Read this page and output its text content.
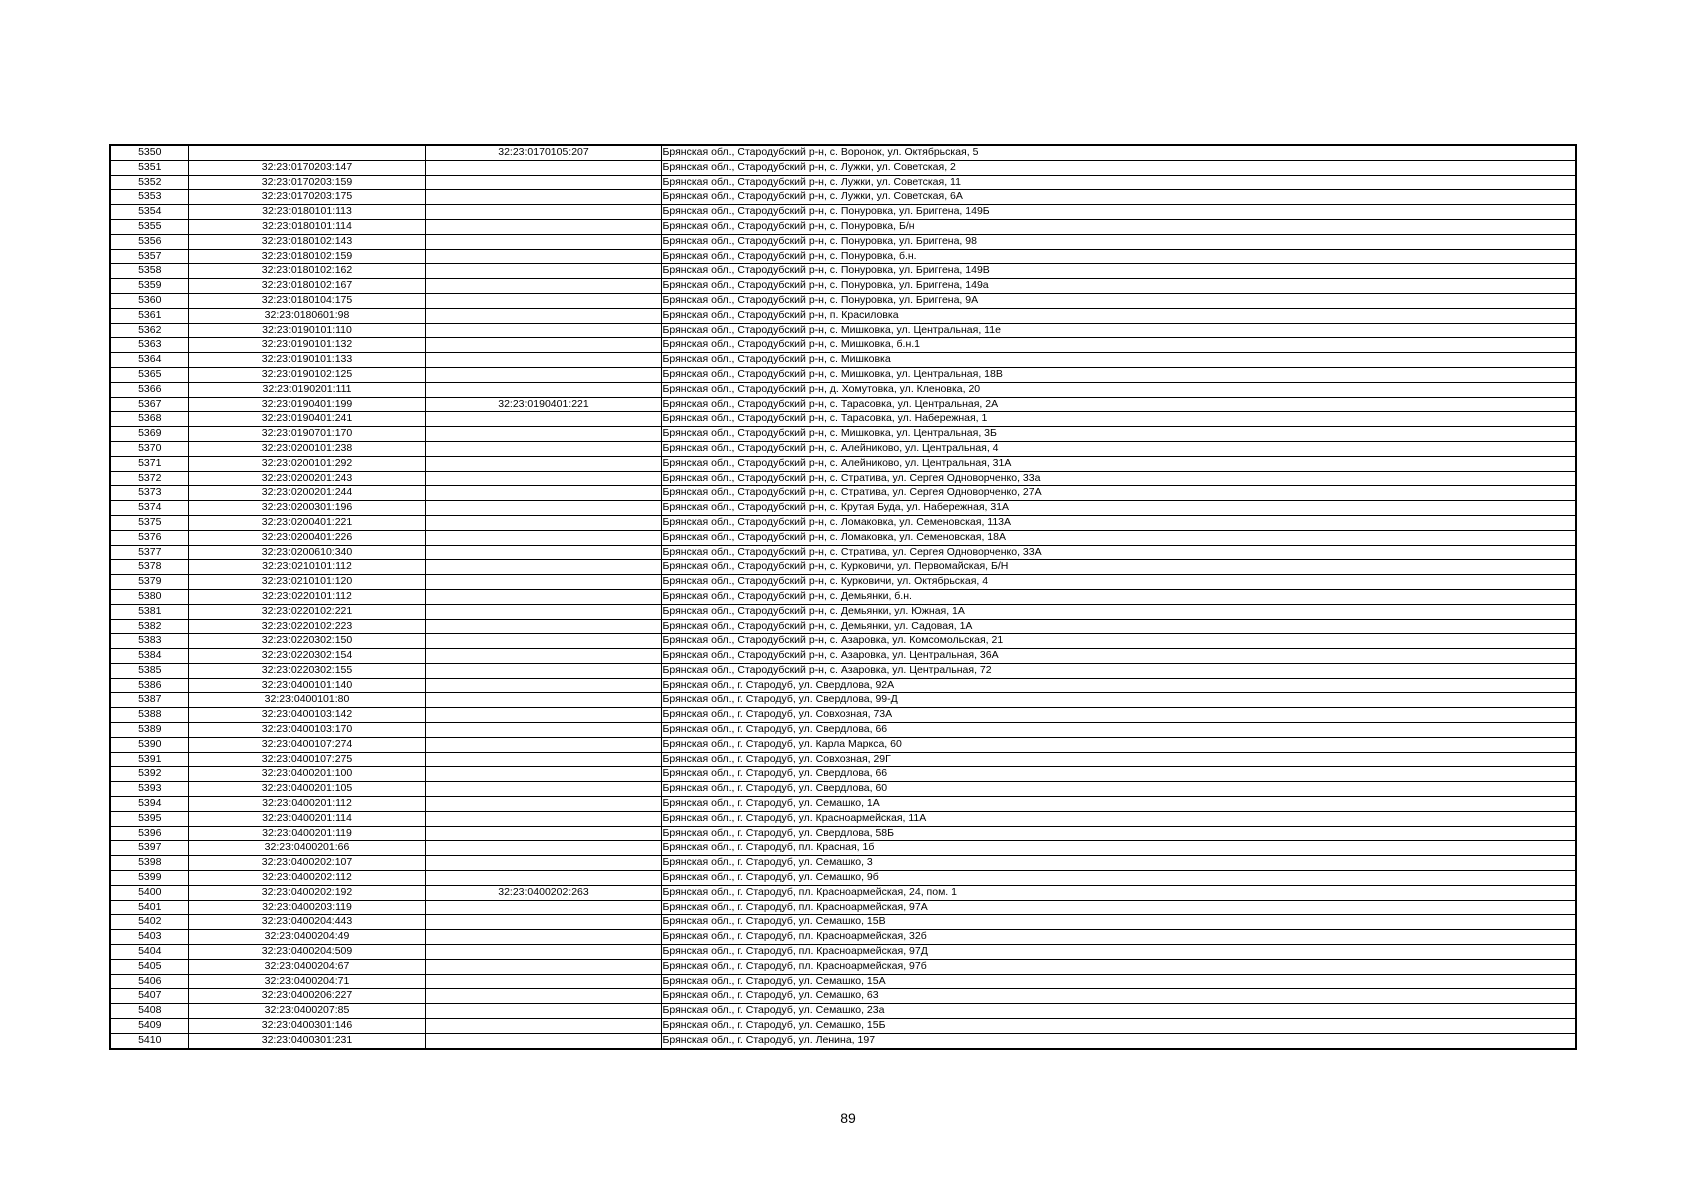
5350		32:23:0170105:207	Брянская обл., Стародубский р-н, с. Воронок, ул. Октябрьская, 5
5351	32:23:0170203:147		Брянская обл., Стародубский р-н, с. Лужки, ул. Советская, 2
5352	32:23:0170203:159		Брянская обл., Стародубский р-н, с. Лужки, ул. Советская, 11
5353	32:23:0170203:175		Брянская обл., Стародубский р-н, с. Лужки, ул. Советская, 6А
5354	32:23:0180101:113		Брянская обл., Стародубский р-н, с. Понуровка, ул. Бриггена, 149Б
5355	32:23:0180101:114		Брянская обл., Стародубский р-н, с. Понуровка, Б/н
5356	32:23:0180102:143		Брянская обл., Стародубский р-н, с. Понуровка, ул. Бриггена, 98
5357	32:23:0180102:159		Брянская обл., Стародубский р-н, с. Понуровка, б.н.
5358	32:23:0180102:162		Брянская обл., Стародубский р-н, с. Понуровка, ул. Бриггена, 149В
5359	32:23:0180102:167		Брянская обл., Стародубский р-н, с. Понуровка, ул. Бриггена, 149а
5360	32:23:0180104:175		Брянская обл., Стародубский р-н, с. Понуровка, ул. Бриггена, 9А
5361	32:23:0180601:98		Брянская обл., Стародубский р-н, п. Красиловка
5362	32:23:0190101:110		Брянская обл., Стародубский р-н, с. Мишковка, ул. Центральная, 11е
5363	32:23:0190101:132		Брянская обл., Стародубский р-н, с. Мишковка, б.н.1
5364	32:23:0190101:133		Брянская обл., Стародубский р-н, с. Мишковка
5365	32:23:0190102:125		Брянская обл., Стародубский р-н, с. Мишковка, ул. Центральная, 18В
5366	32:23:0190201:111		Брянская обл., Стародубский р-н, д. Хомутовка, ул. Кленовка, 20
5367	32:23:0190401:199	32:23:0190401:221	Брянская обл., Стародубский р-н, с. Тарасовка, ул. Центральная, 2А
5368	32:23:0190401:241		Брянская обл., Стародубский р-н, с. Тарасовка, ул. Набережная, 1
5369	32:23:0190701:170		Брянская обл., Стародубский р-н, с. Мишковка, ул. Центральная, 3Б
5370	32:23:0200101:238		Брянская обл., Стародубский р-н, с. Алейниково, ул. Центральная, 4
5371	32:23:0200101:292		Брянская обл., Стародубский р-н, с. Алейниково, ул. Центральная, 31А
5372	32:23:0200201:243		Брянская обл., Стародубский р-н, с. Стратива, ул. Сергея Одноворченко, 33а
5373	32:23:0200201:244		Брянская обл., Стародубский р-н, с. Стратива, ул. Сергея Одноворченко, 27А
5374	32:23:0200301:196		Брянская обл., Стародубский р-н, с. Крутая Буда, ул. Набережная, 31А
5375	32:23:0200401:221		Брянская обл., Стародубский р-н, с. Ломаковка, ул. Семеновская, 113А
5376	32:23:0200401:226		Брянская обл., Стародубский р-н, с. Ломаковка, ул. Семеновская, 18А
5377	32:23:0200610:340		Брянская обл., Стародубский р-н, с. Стратива, ул. Сергея Одноворченко, 33А
5378	32:23:0210101:112		Брянская обл., Стародубский р-н, с. Курковичи, ул. Первомайская, Б/Н
5379	32:23:0210101:120		Брянская обл., Стародубский р-н, с. Курковичи, ул. Октябрьская, 4
5380	32:23:0220101:112		Брянская обл., Стародубский р-н, с. Демьянки, б.н.
5381	32:23:0220102:221		Брянская обл., Стародубский р-н, с. Демьянки, ул. Южная, 1А
5382	32:23:0220102:223		Брянская обл., Стародубский р-н, с. Демьянки, ул. Садовая, 1А
5383	32:23:0220302:150		Брянская обл., Стародубский р-н, с. Азаровка, ул. Комсомольская, 21
5384	32:23:0220302:154		Брянская обл., Стародубский р-н, с. Азаровка, ул. Центральная, 36А
5385	32:23:0220302:155		Брянская обл., Стародубский р-н, с. Азаровка, ул. Центральная, 72
5386	32:23:0400101:140		Брянская обл., г. Стародуб, ул. Свердлова, 92А
5387	32:23:0400101:80		Брянская обл., г. Стародуб, ул. Свердлова, 99-Д
5388	32:23:0400103:142		Брянская обл., г. Стародуб, ул. Совхозная, 73А
5389	32:23:0400103:170		Брянская обл., г. Стародуб, ул. Свердлова, 66
5390	32:23:0400107:274		Брянская обл., г. Стародуб, ул. Карла Маркса, 60
5391	32:23:0400107:275		Брянская обл., г. Стародуб, ул. Совхозная, 29Г
5392	32:23:0400201:100		Брянская обл., г. Стародуб, ул. Свердлова, 66
5393	32:23:0400201:105		Брянская обл., г. Стародуб, ул. Свердлова, 60
5394	32:23:0400201:112		Брянская обл., г. Стародуб, ул. Семашко, 1А
5395	32:23:0400201:114		Брянская обл., г. Стародуб, ул. Красноармейская, 11А
5396	32:23:0400201:119		Брянская обл., г. Стародуб, ул. Свердлова, 58Б
5397	32:23:0400201:66		Брянская обл., г. Стародуб, пл. Красная, 1б
5398	32:23:0400202:107		Брянская обл., г. Стародуб, ул. Семашко, 3
5399	32:23:0400202:112		Брянская обл., г. Стародуб, ул. Семашко, 9б
5400	32:23:0400202:192	32:23:0400202:263	Брянская обл., г. Стародуб, пл. Красноармейская, 24, пом. 1
5401	32:23:0400203:119		Брянская обл., г. Стародуб, пл. Красноармейская, 97А
5402	32:23:0400204:443		Брянская обл., г. Стародуб, ул. Семашко, 15В
5403	32:23:0400204:49		Брянская обл., г. Стародуб, пл. Красноармейская, 32б
5404	32:23:0400204:509		Брянская обл., г. Стародуб, пл. Красноармейская, 97Д
5405	32:23:0400204:67		Брянская обл., г. Стародуб, пл. Красноармейская, 97б
5406	32:23:0400204:71		Брянская обл., г. Стародуб, ул. Семашко, 15А
5407	32:23:0400206:227		Брянская обл., г. Стародуб, ул. Семашко, 63
5408	32:23:0400207:85		Брянская обл., г. Стародуб, ул. Семашко, 23а
5409	32:23:0400301:146		Брянская обл., г. Стародуб, ул. Семашко, 15Б
5410	32:23:0400301:231		Брянская обл., г. Стародуб, ул. Ленина, 197
89
